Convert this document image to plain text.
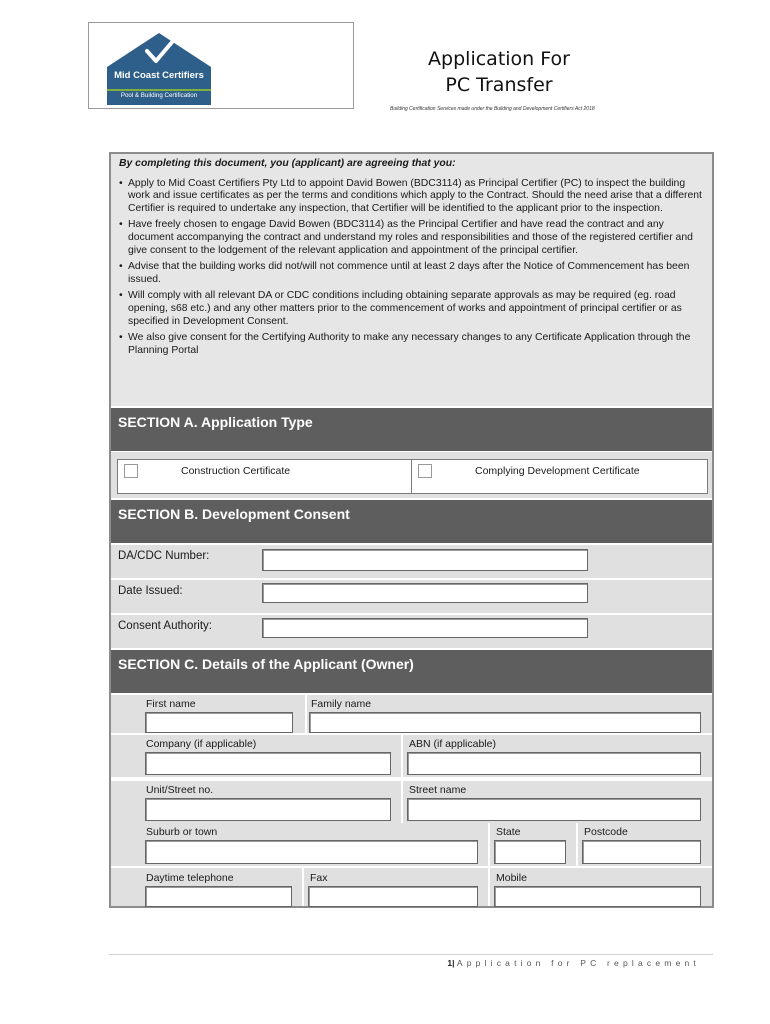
Mid Coast Certifiers
Pool & Building Certification
Application For
PC Transfer
Building Certification Services made under the Building and Development Certifiers Act 2018
By completing this document, you (applicant) are agreeing that you:
• Apply to Mid Coast Certifiers Pty Ltd to appoint David Bowen (BDC3114) as Principal Certifier (PC) to inspect the building work and issue certificates as per the terms and conditions which apply to the Contract. Should the need arise that a different Certifier is required to undertake any inspection, that Certifier will be identified to the applicant prior to the inspection.
• Have freely chosen to engage David Bowen (BDC3114) as the Principal Certifier and have read the contract and any document accompanying the contract and understand my roles and responsibilities and those of the registered certifier and give consent to the lodgement of the relevant application and appointment of the principal certifier.
• Advise that the building works did not/will not commence until at least 2 days after the Notice of Commencement has been issued.
• Will comply with all relevant DA or CDC conditions including obtaining separate approvals as may be required (eg. road opening, s68 etc.) and any other matters prior to the commencement of works and appointment of principal certifier or as specified in Development Consent.
• We also give consent for the Certifying Authority to make any necessary changes to any Certificate Application through the Planning Portal
SECTION A. Application Type
Construction Certificate	Complying Development Certificate
SECTION B. Development Consent
DA/CDC Number:
Date Issued:
Consent Authority:
SECTION C. Details of the Applicant (Owner)
First name	Family name
Company (if applicable)	ABN (if applicable)
Unit/Street no.	Street name
Suburb or town	State	Postcode
Daytime telephone	Fax	Mobile
1| Application for PC replacement
